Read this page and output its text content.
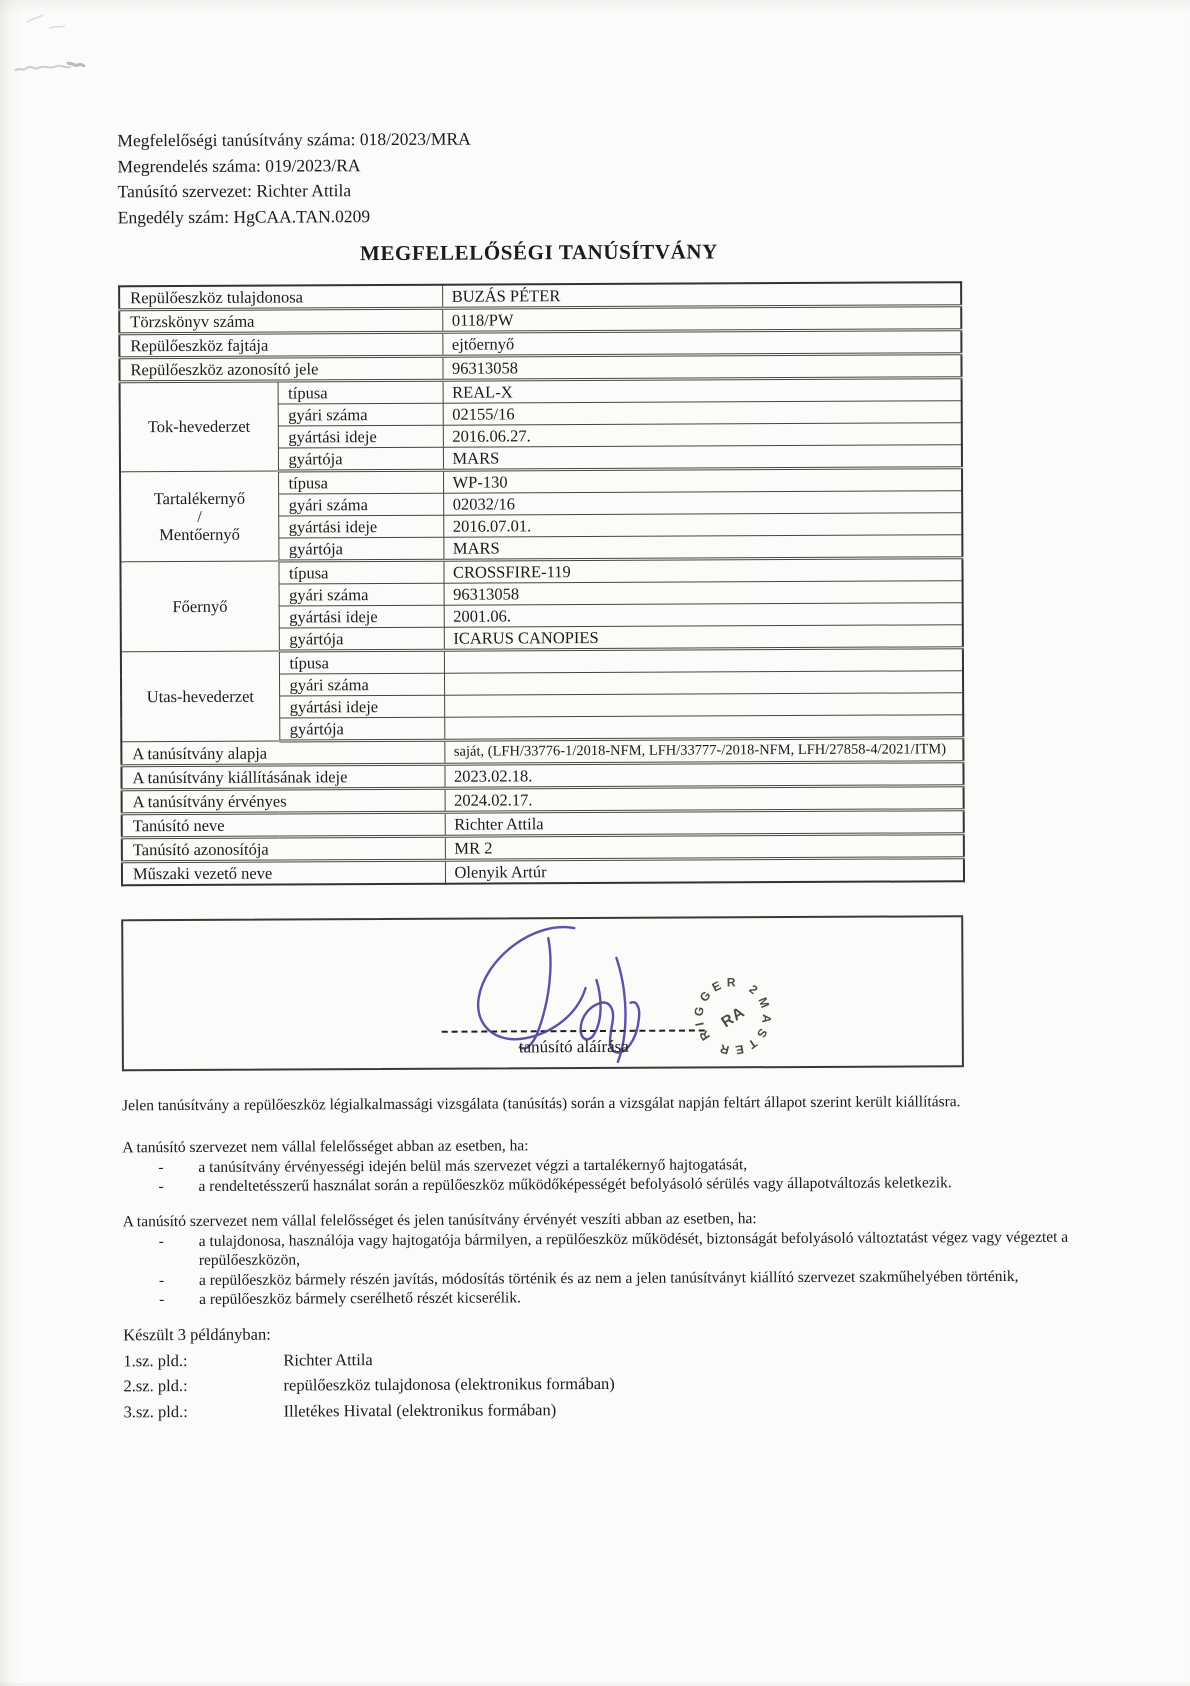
Megfelelőségi tanúsítvány száma: 018/2023/MRA
Megrendelés száma: 019/2023/RA
Tanúsító szervezet: Richter Attila
Engedély szám: HgCAA.TAN.0209
MEGFELELŐSÉGI TANÚSÍTVÁNY
Repülőeszköz tulajdonosa		BUZÁS PÉTER
Törzskönyv száma		0118/PW
Repülőeszköz fajtája		ejtőernyő
Repülőeszköz azonosító jele		96313058
Tok-hevederzet	típusa	REAL-X
	gyári száma	02155/16
	gyártási ideje	2016.06.27.
	gyártója	MARS
Tartalékernyő
/
Mentőernyő	típusa	WP-130
	gyári száma	02032/16
	gyártási ideje	2016.07.01.
	gyártója	MARS
Főernyő	típusa	CROSSFIRE-119
	gyári száma	96313058
	gyártási ideje	2001.06.
	gyártója	ICARUS CANOPIES
Utas-hevederzet	típusa	
	gyári száma	
	gyártási ideje	
	gyártója	
A tanúsítvány alapja		saját, (LFH/33776-1/2018-NFM, LFH/33777-/2018-NFM, LFH/27858-4/2021/ITM)
A tanúsítvány kiállításának ideje		2023.02.18.
A tanúsítvány érvényes		2024.02.17.
Tanúsító neve		Richter Attila
Tanúsító azonosítója		MR 2
Műszaki vezető neve		Olenyik Artúr
MASTER RIGGER 2
RA
tanúsító aláírása
Jelen tanúsítvány a repülőeszköz légialkalmassági vizsgálata (tanúsítás) során a vizsgálat napján feltárt állapot szerint került kiállításra.
A tanúsító szervezet nem vállal felelősséget abban az esetben, ha:
-	a tanúsítvány érvényességi idején belül más szervezet végzi a tartalékernyő hajtogatását,
-	a rendeltetésszerű használat során a repülőeszköz működőképességét befolyásoló sérülés vagy állapotváltozás keletkezik.
A tanúsító szervezet nem vállal felelősséget és jelen tanúsítvány érvényét veszíti abban az esetben, ha:
-	a tulajdonosa, használója vagy hajtogatója bármilyen, a repülőeszköz működését, biztonságát befolyásoló változtatást végez vagy végeztet a repülőeszközön,
-	a repülőeszköz bármely részén javítás, módosítás történik és az nem a jelen tanúsítványt kiállító szervezet szakműhelyében történik,
-	a repülőeszköz bármely cserélhető részét kicserélik.
Készült 3 példányban:
1.sz. pld.:	Richter Attila
2.sz. pld.:	repülőeszköz tulajdonosa (elektronikus formában)
3.sz. pld.:	Illetékes Hivatal (elektronikus formában)
